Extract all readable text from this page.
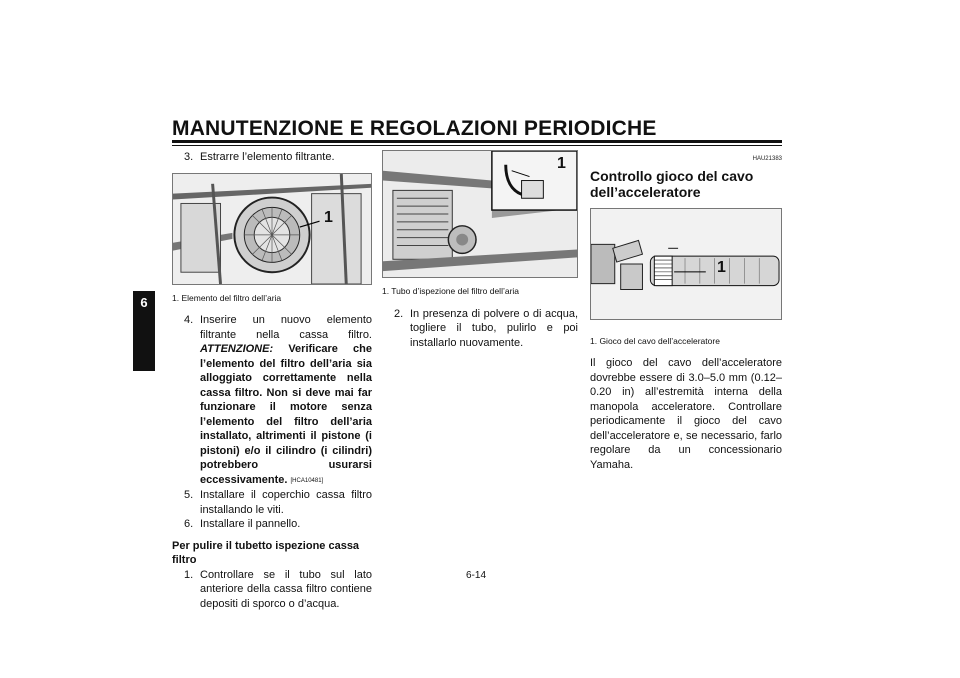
MANUTENZIONE E REGOLAZIONI PERIODICHE
6
3. Estrarre l’elemento filtrante.
1
1. Elemento del filtro dell’aria
4. Inserire un nuovo elemento filtrante nella cassa filtro. ATTENZIONE: Verificare che l’elemento del filtro dell’aria sia alloggiato correttamente nella cassa filtro. Non si deve mai far funzionare il motore senza l’elemento del filtro dell’aria installato, altrimenti il pistone (i pistoni) e/o il cilindro (i cilindri) potrebbero usurarsi eccessivamente. [HCA10481]
5. Installare il coperchio cassa filtro installando le viti.
6. Installare il pannello.
Per pulire il tubetto ispezione cassa filtro
1. Controllare se il tubo sul lato anteriore della cassa filtro contiene depositi di sporco o d’acqua.
1
1. Tubo d’ispezione del filtro dell’aria
2. In presenza di polvere o di acqua, togliere il tubo, pulirlo e poi installarlo nuovamente.
HAU21383
Controllo gioco del cavo dell’acceleratore
1
1. Gioco del cavo dell’acceleratore
Il gioco del cavo dell’acceleratore dovrebbe essere di 3.0–5.0 mm (0.12–0.20 in) all’estremità interna della manopola acceleratore. Controllare periodicamente il gioco del cavo dell’acceleratore e, se necessario, farlo regolare da un concessionario Yamaha.
6-14
